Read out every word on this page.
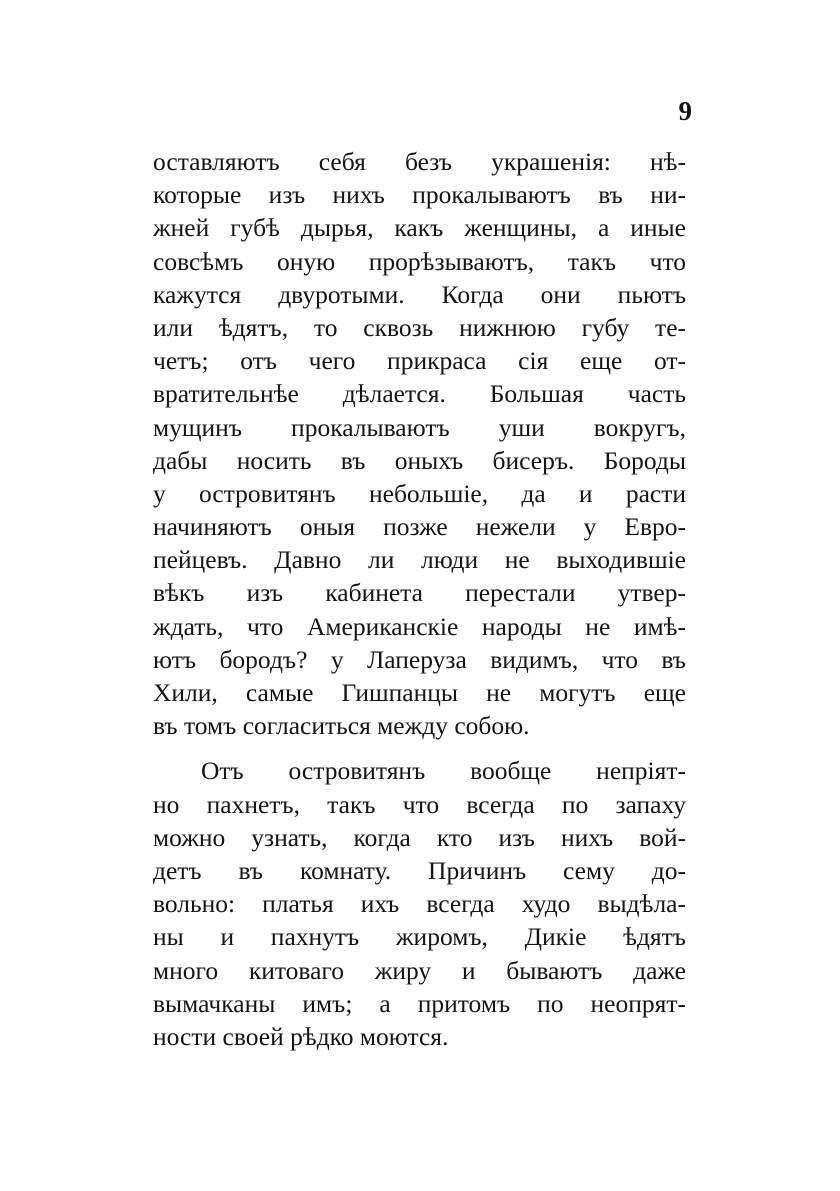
9
оставляютъ себя безъ украшенія: нѣ-
которые изъ нихъ прокалываютъ въ ни-
жней губѣ дырья, какъ женщины, а иные
совсѣмъ оную прорѣзываютъ, такъ что
кажутся двуротыми. Когда они пьютъ
или ѣдятъ, то сквозь нижнюю губу те-
четъ; отъ чего прикраса сія еще от-
вратительнѣе дѣлается. Большая часть
мущинъ прокалываютъ уши вокругъ,
дабы носить въ оныхъ бисеръ. Бороды
у островитянъ небольшіе, да и расти
начиняютъ оныя позже нежели у Евро-
пейцевъ. Давно ли люди не выходившіе
вѣкъ изъ кабинета перестали утвер-
ждать, что Американскіе народы не имѣ-
ютъ бородъ? у Лаперуза видимъ, что въ
Хили, самые Гишпанцы не могутъ еще
въ томъ согласиться между собою.
Отъ островитянъ вообще непріят-
но пахнетъ, такъ что всегда по запаху
можно узнать, когда кто изъ нихъ вой-
детъ въ комнату. Причинъ сему до-
вольно: платья ихъ всегда худо выдѣла-
ны и пахнутъ жиромъ, Дикіе ѣдятъ
много китоваго жиру и бываютъ даже
вымачканы имъ; а притомъ по неопрят-
ности своей рѣдко моются.
